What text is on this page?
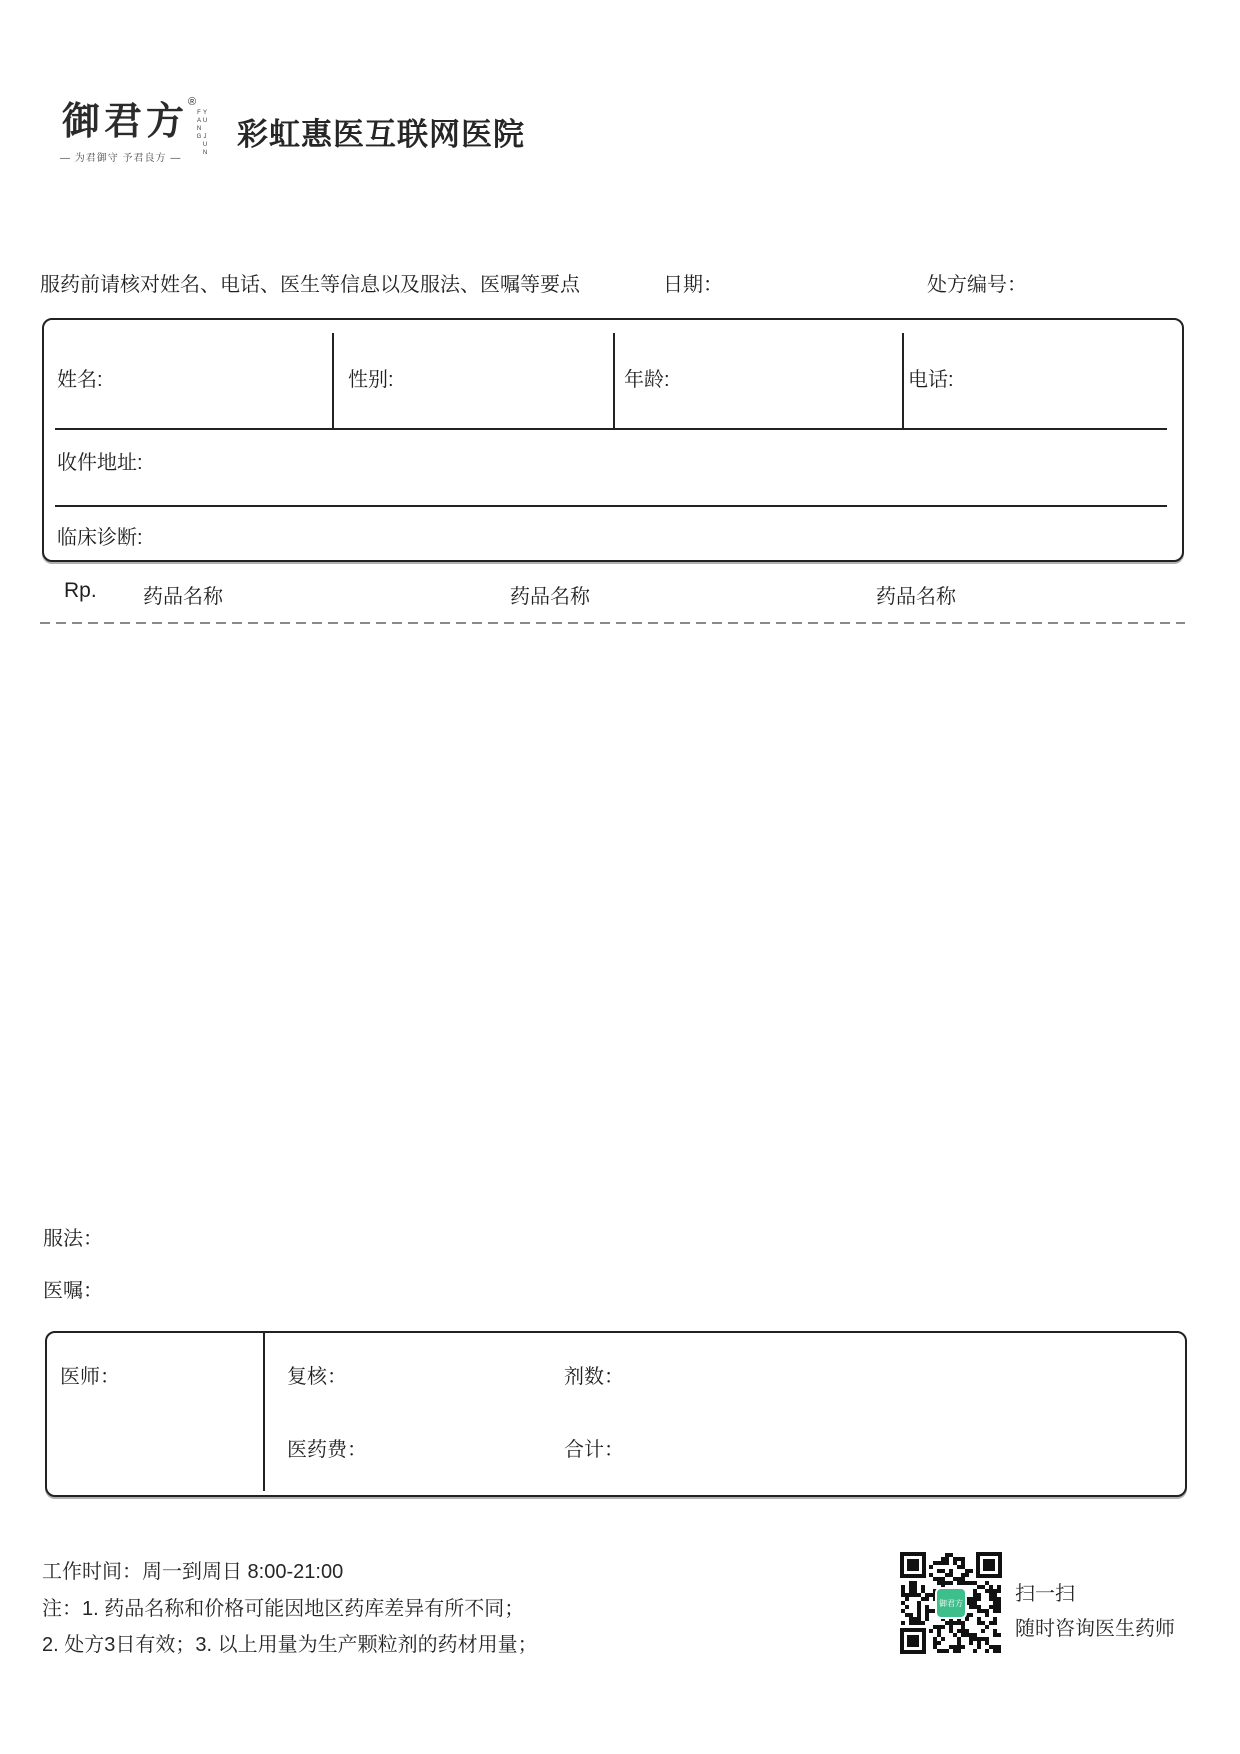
御君方 ®
YU JUN FANG
— 为君御守 予君良方 —
彩虹惠医互联网医院
服药前请核对姓名、电话、医生等信息以及服法、医嘱等要点	日期：	处方编号：
姓名:	性别:	年龄:	电话:
收件地址:
临床诊断:
Rp. 药品名称	药品名称	药品名称
服法：
医嘱：
医师：	复核：	剂数：
医药费：	合计：
工作时间：周一到周日 8:00-21:00
注：1. 药品名称和价格可能因地区药库差异有所不同；
2. 处方3日有效；3. 以上用量为生产颗粒剂的药材用量；
御君方	扫一扫
随时咨询医生药师
